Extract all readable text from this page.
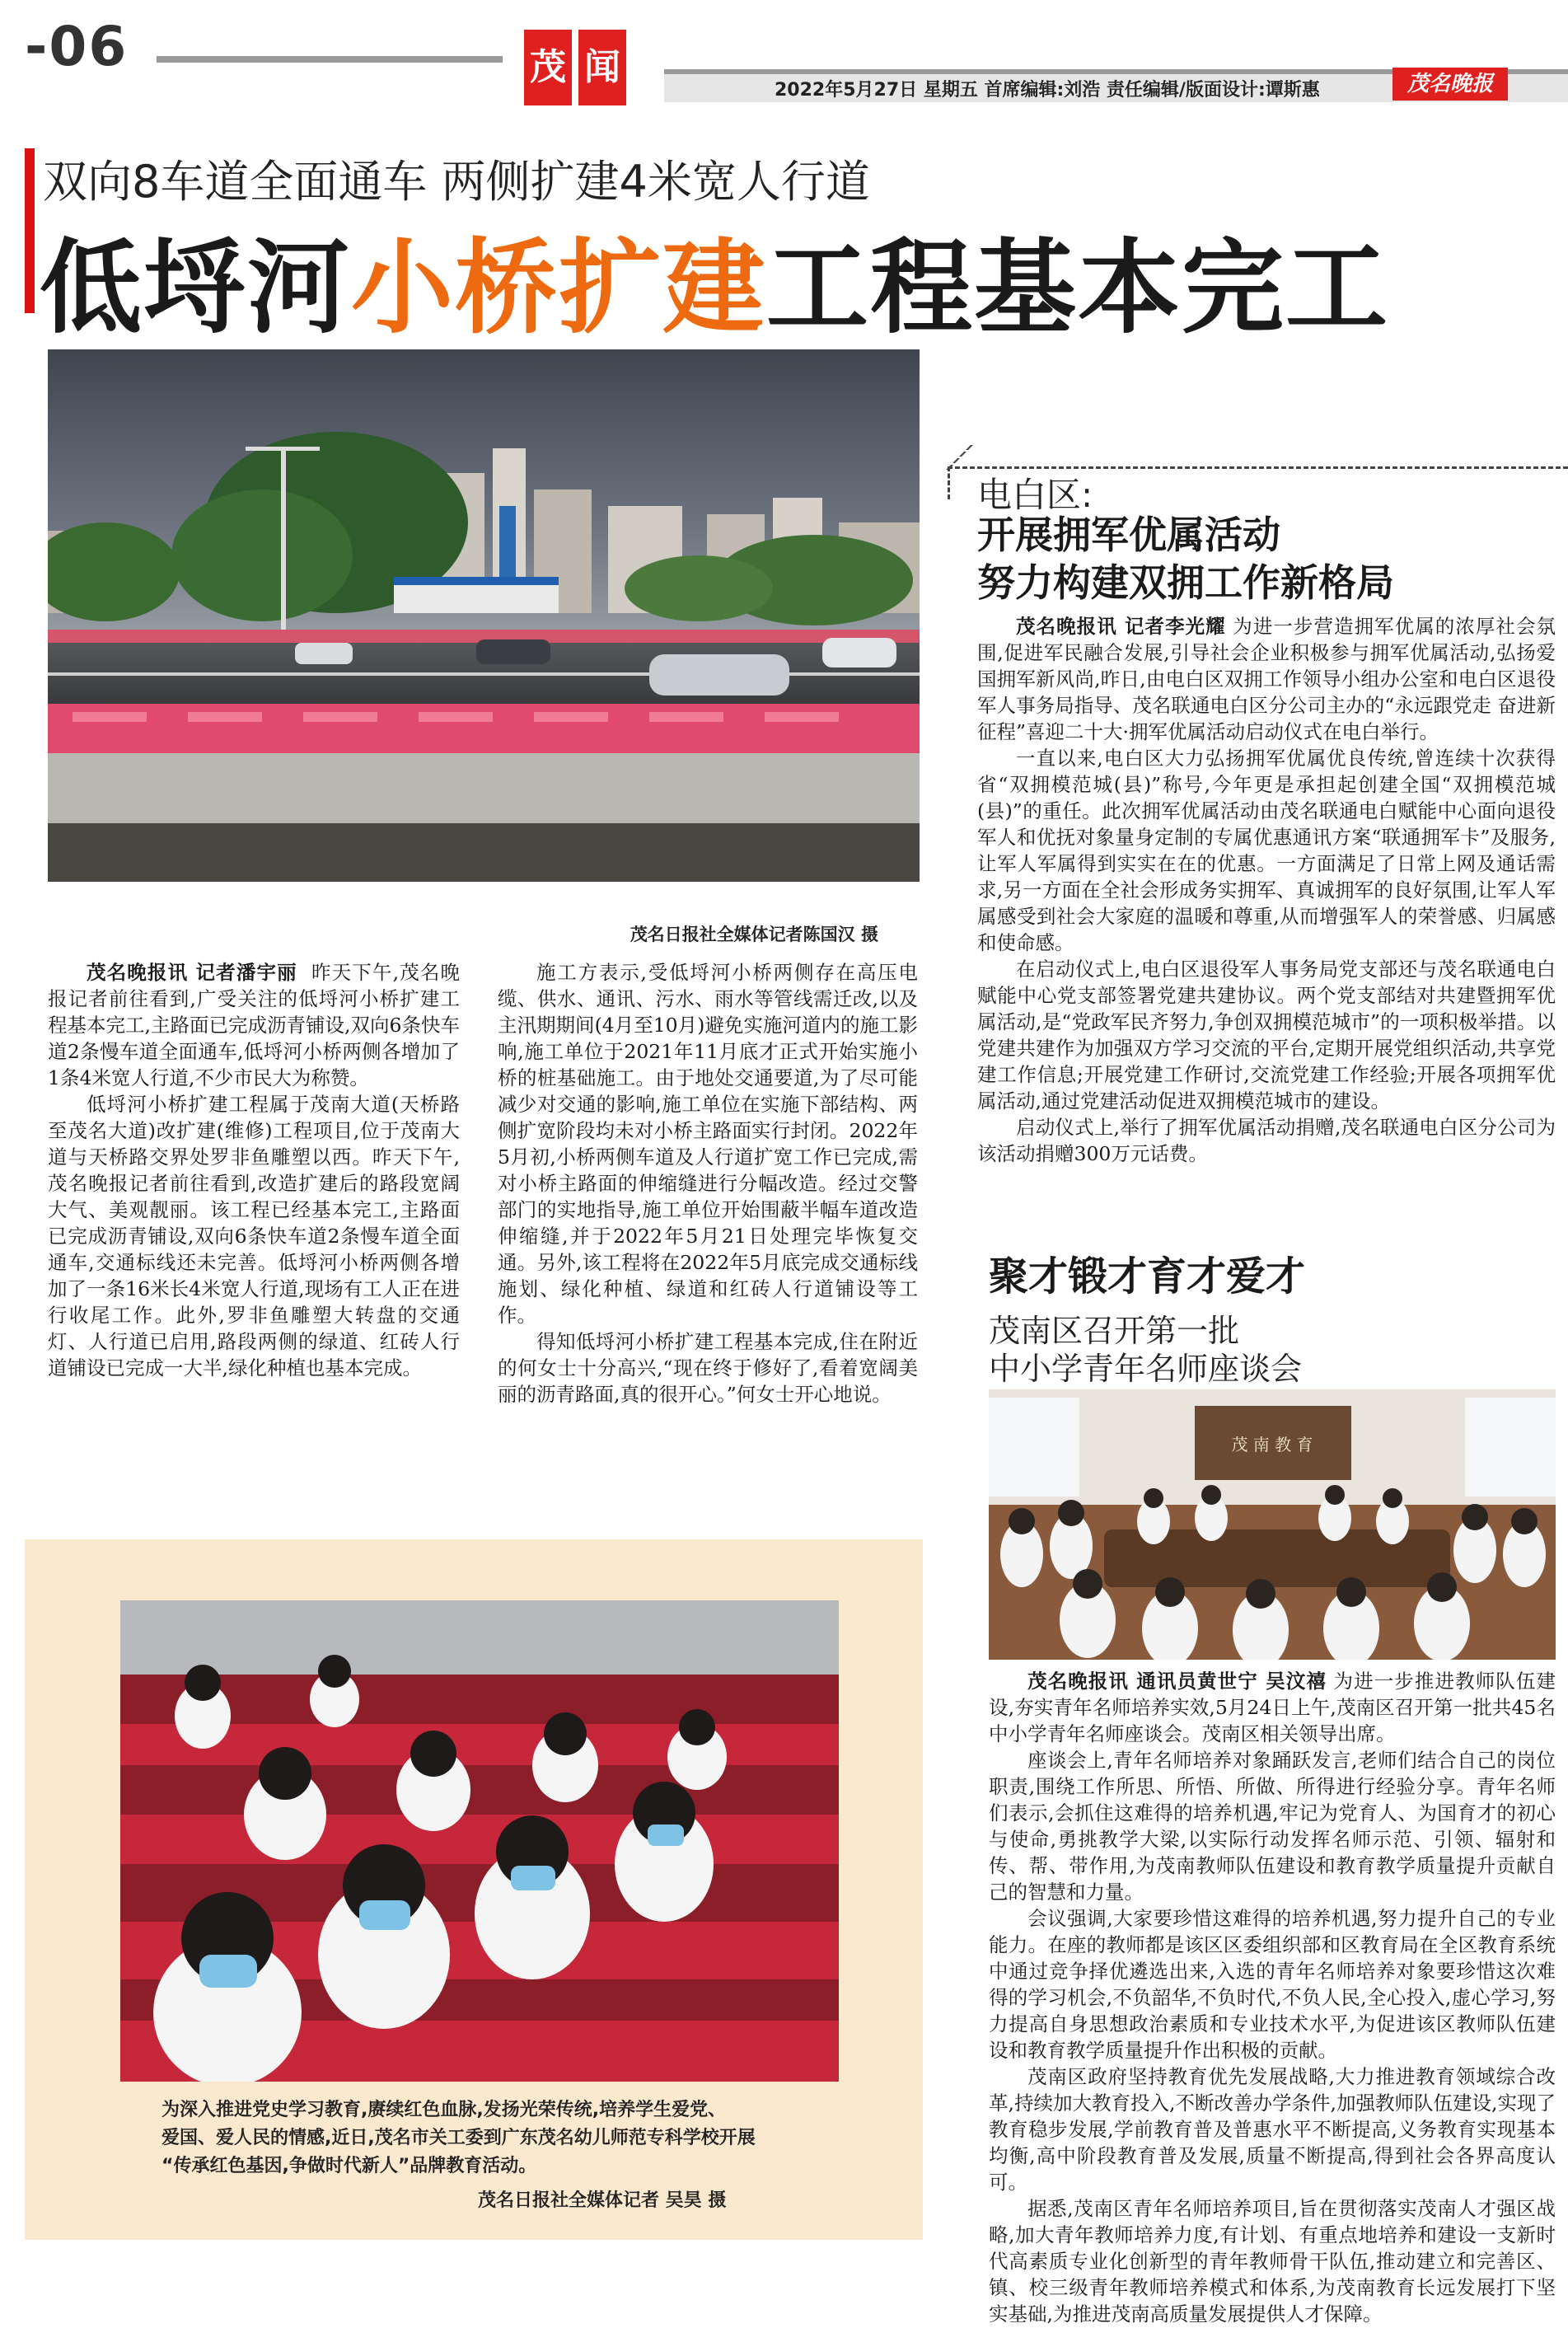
-06	茂 闻
2022年5月27日 星期五 首席编辑:刘浩 责任编辑/版面设计:谭斯惠	茂名晚报
双向8车道全面通车 两侧扩建4米宽人行道
低埒河小桥扩建工程基本完工
茂名日报社全媒体记者陈国汉 摄

茂名晚报讯 记者潘宇丽 昨天下午,茂名晚报记者前往看到,广受关注的低埒河小桥扩建工程基本完工,主路面已完成沥青铺设,双向6条快车道2条慢车道全面通车,低埒河小桥两侧各增加了1条4米宽人行道,不少市民大为称赞。

低埒河小桥扩建工程属于茂南大道(天桥路至茂名大道)改扩建(维修)工程项目,位于茂南大道与天桥路交界处罗非鱼雕塑以西。昨天下午,茂名晚报记者前往看到,改造扩建后的路段宽阔大气、美观靓丽。该工程已经基本完工,主路面已完成沥青铺设,双向6条快车道2条慢车道全面通车,交通标线还未完善。低埒河小桥两侧各增加了一条16米长4米宽人行道,现场有工人正在进行收尾工作。此外,罗非鱼雕塑大转盘的交通灯、人行道已启用,路段两侧的绿道、红砖人行道铺设已完成一大半,绿化种植也基本完成。

施工方表示,受低埒河小桥两侧存在高压电缆、供水、通讯、污水、雨水等管线需迁改,以及主汛期期间(4月至10月)避免实施河道内的施工影响,施工单位于2021年11月底才正式开始实施小桥的桩基础施工。由于地处交通要道,为了尽可能减少对交通的影响,施工单位在实施下部结构、两侧扩宽阶段均未对小桥主路面实行封闭。2022年5月初,小桥两侧车道及人行道扩宽工作已完成,需对小桥主路面的伸缩缝进行分幅改造。经过交警部门的实地指导,施工单位开始围蔽半幅车道改造伸缩缝,并于2022年5月21日处理完毕恢复交通。另外,该工程将在2022年5月底完成交通标线施划、绿化种植、绿道和红砖人行道铺设等工作。

得知低埒河小桥扩建工程基本完成,住在附近的何女士十分高兴,“现在终于修好了,看着宽阔美丽的沥青路面,真的很开心。”何女士开心地说。

电白区:
开展拥军优属活动
努力构建双拥工作新格局

茂名晚报讯 记者李光耀 为进一步营造拥军优属的浓厚社会氛围,促进军民融合发展,引导社会企业积极参与拥军优属活动,弘扬爱国拥军新风尚,昨日,由电白区双拥工作领导小组办公室和电白区退役军人事务局指导、茂名联通电白区分公司主办的“永远跟党走 奋进新征程”喜迎二十大·拥军优属活动启动仪式在电白举行。

一直以来,电白区大力弘扬拥军优属优良传统,曾连续十次获得省“双拥模范城(县)”称号,今年更是承担起创建全国“双拥模范城(县)”的重任。此次拥军优属活动由茂名联通电白赋能中心面向退役军人和优抚对象量身定制的专属优惠通讯方案“联通拥军卡”及服务,让军人军属得到实实在在的优惠。一方面满足了日常上网及通话需求,另一方面在全社会形成务实拥军、真诚拥军的良好氛围,让军人军属感受到社会大家庭的温暖和尊重,从而增强军人的荣誉感、归属感和使命感。

在启动仪式上,电白区退役军人事务局党支部还与茂名联通电白赋能中心党支部签署党建共建协议。两个党支部结对共建暨拥军优属活动,是“党政军民齐努力,争创双拥模范城市”的一项积极举措。以党建共建作为加强双方学习交流的平台,定期开展党组织活动,共享党建工作信息;开展党建工作研讨,交流党建工作经验;开展各项拥军优属活动,通过党建活动促进双拥模范城市的建设。

启动仪式上,举行了拥军优属活动捐赠,茂名联通电白区分公司为该活动捐赠300万元话费。

聚才锻才育才爱才
茂南区召开第一批
中小学青年名师座谈会
茂 南 教 育

茂名晚报讯 通讯员黄世宁 吴汶禧 为进一步推进教师队伍建设,夯实青年名师培养实效,5月24日上午,茂南区召开第一批共45名中小学青年名师座谈会。茂南区相关领导出席。

座谈会上,青年名师培养对象踊跃发言,老师们结合自己的岗位职责,围绕工作所思、所悟、所做、所得进行经验分享。青年名师们表示,会抓住这难得的培养机遇,牢记为党育人、为国育才的初心与使命,勇挑教学大梁,以实际行动发挥名师示范、引领、辐射和传、帮、带作用,为茂南教师队伍建设和教育教学质量提升贡献自己的智慧和力量。

会议强调,大家要珍惜这难得的培养机遇,努力提升自己的专业能力。在座的教师都是该区区委组织部和区教育局在全区教育系统中通过竞争择优遴选出来,入选的青年名师培养对象要珍惜这次难得的学习机会,不负韶华,不负时代,不负人民,全心投入,虚心学习,努力提高自身思想政治素质和专业技术水平,为促进该区教师队伍建设和教育教学质量提升作出积极的贡献。

茂南区政府坚持教育优先发展战略,大力推进教育领域综合改革,持续加大教育投入,不断改善办学条件,加强教师队伍建设,实现了教育稳步发展,学前教育普及普惠水平不断提高,义务教育实现基本均衡,高中阶段教育普及发展,质量不断提高,得到社会各界高度认可。

据悉,茂南区青年名师培养项目,旨在贯彻落实茂南人才强区战略,加大青年教师培养力度,有计划、有重点地培养和建设一支新时代高素质专业化创新型的青年教师骨干队伍,推动建立和完善区、镇、校三级青年教师培养模式和体系,为茂南教育长远发展打下坚实基础,为推进茂南高质量发展提供人才保障。

为深入推进党史学习教育,赓续红色血脉,发扬光荣传统,培养学生爱党、
爱国、爱人民的情感,近日,茂名市关工委到广东茂名幼儿师范专科学校开展
“传承红色基因,争做时代新人”品牌教育活动。
茂名日报社全媒体记者 吴昊 摄
